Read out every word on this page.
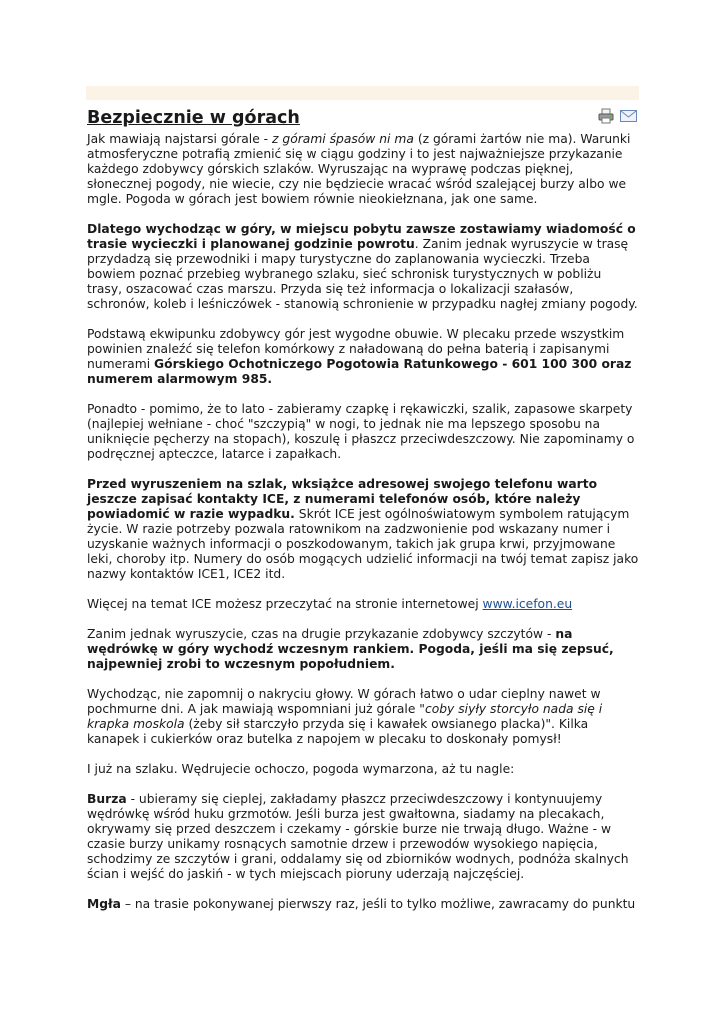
Bezpiecznie w górach

Jak mawiają najstarsi górale - z górami śpasów ni ma (z górami żartów nie ma). Warunki atmosferyczne potrafią zmienić się w ciągu godziny i to jest najważniejsze przykazanie każdego zdobywcy górskich szlaków. Wyruszając na wyprawę podczas pięknej, słonecznej pogody, nie wiecie, czy nie będziecie wracać wśród szalejącej burzy albo we mgle. Pogoda w górach jest bowiem równie nieokiełznana, jak one same.

Dlatego wychodząc w góry, w miejscu pobytu zawsze zostawiamy wiadomość o trasie wycieczki i planowanej godzinie powrotu. Zanim jednak wyruszycie w trasę przydadzą się przewodniki i mapy turystyczne do zaplanowania wycieczki. Trzeba bowiem poznać przebieg wybranego szlaku, sieć schronisk turystycznych w pobliżu trasy, oszacować czas marszu. Przyda się też informacja o lokalizacji szałasów, schronów, koleb i leśniczówek - stanowią schronienie w przypadku nagłej zmiany pogody.

Podstawą ekwipunku zdobywcy gór jest wygodne obuwie. W plecaku przede wszystkim powinien znaleźć się telefon komórkowy z naładowaną do pełna baterią i zapisanymi numerami Górskiego Ochotniczego Pogotowia Ratunkowego - 601 100 300 oraz numerem alarmowym 985.

Ponadto - pomimo, że to lato - zabieramy czapkę i rękawiczki, szalik, zapasowe skarpety (najlepiej wełniane - choć "szczypią" w nogi, to jednak nie ma lepszego sposobu na uniknięcie pęcherzy na stopach), koszulę i płaszcz przeciwdeszczowy. Nie zapominamy o podręcznej apteczce, latarce i zapałkach.

Przed wyruszeniem na szlak, wksiążce adresowej swojego telefonu warto jeszcze zapisać kontakty ICE, z numerami telefonów osób, które należy powiadomić w razie wypadku. Skrót ICE jest ogólnoświatowym symbolem ratującym życie. W razie potrzeby pozwala ratownikom na zadzwonienie pod wskazany numer i uzyskanie ważnych informacji o poszkodowanym, takich jak grupa krwi, przyjmowane leki, choroby itp. Numery do osób mogących udzielić informacji na twój temat zapisz jako nazwy kontaktów ICE1, ICE2 itd.

Więcej na temat ICE możesz przeczytać na stronie internetowej www.icefon.eu

Zanim jednak wyruszycie, czas na drugie przykazanie zdobywcy szczytów - na wędrówkę w góry wychodź wczesnym rankiem. Pogoda, jeśli ma się zepsuć, najpewniej zrobi to wczesnym popołudniem.

Wychodząc, nie zapomnij o nakryciu głowy. W górach łatwo o udar cieplny nawet w pochmurne dni. A jak mawiają wspomniani już górale "coby siyły storcyło nada się i krapka moskola (żeby sił starczyło przyda się i kawałek owsianego placka)". Kilka kanapek i cukierków oraz butelka z napojem w plecaku to doskonały pomysł!

I już na szlaku. Wędrujecie ochoczo, pogoda wymarzona, aż tu nagle:

Burza - ubieramy się cieplej, zakładamy płaszcz przeciwdeszczowy i kontynuujemy wędrówkę wśród huku grzmotów. Jeśli burza jest gwałtowna, siadamy na plecakach, okrywamy się przed deszczem i czekamy - górskie burze nie trwają długo. Ważne - w czasie burzy unikamy rosnących samotnie drzew i przewodów wysokiego napięcia, schodzimy ze szczytów i grani, oddalamy się od zbiorników wodnych, podnóża skalnych ścian i wejść do jaskiń - w tych miejscach pioruny uderzają najczęściej.

Mgła – na trasie pokonywanej pierwszy raz, jeśli to tylko możliwe, zawracamy do punktu
